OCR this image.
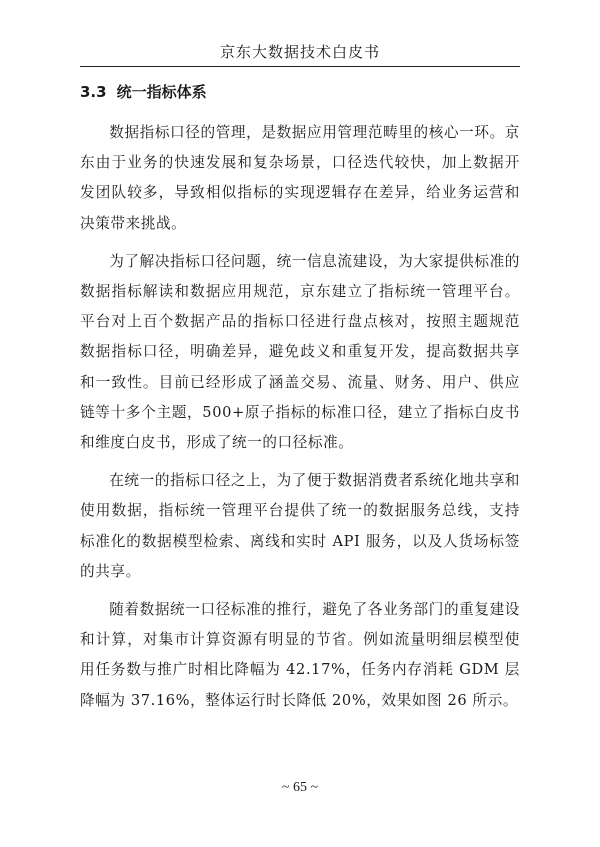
京东大数据技术白皮书
3.3 统一指标体系

数据指标口径的管理，是数据应用管理范畴里的核心一环。京东由于业务的快速发展和复杂场景，口径迭代较快，加上数据开发团队较多，导致相似指标的实现逻辑存在差异，给业务运营和决策带来挑战。

为了解决指标口径问题，统一信息流建设，为大家提供标准的数据指标解读和数据应用规范，京东建立了指标统一管理平台。平台对上百个数据产品的指标口径进行盘点核对，按照主题规范数据指标口径，明确差异，避免歧义和重复开发，提高数据共享和一致性。目前已经形成了涵盖交易、流量、财务、用户、供应链等十多个主题，500+原子指标的标准口径，建立了指标白皮书和维度白皮书，形成了统一的口径标准。

在统一的指标口径之上，为了便于数据消费者系统化地共享和使用数据，指标统一管理平台提供了统一的数据服务总线，支持标准化的数据模型检索、离线和实时 API 服务，以及人货场标签的共享。

随着数据统一口径标准的推行，避免了各业务部门的重复建设和计算，对集市计算资源有明显的节省。例如流量明细层模型使用任务数与推广时相比降幅为 42.17%，任务内存消耗 GDM 层降幅为 37.16%，整体运行时长降低 20%，效果如图 26 所示。

~ 65 ~
